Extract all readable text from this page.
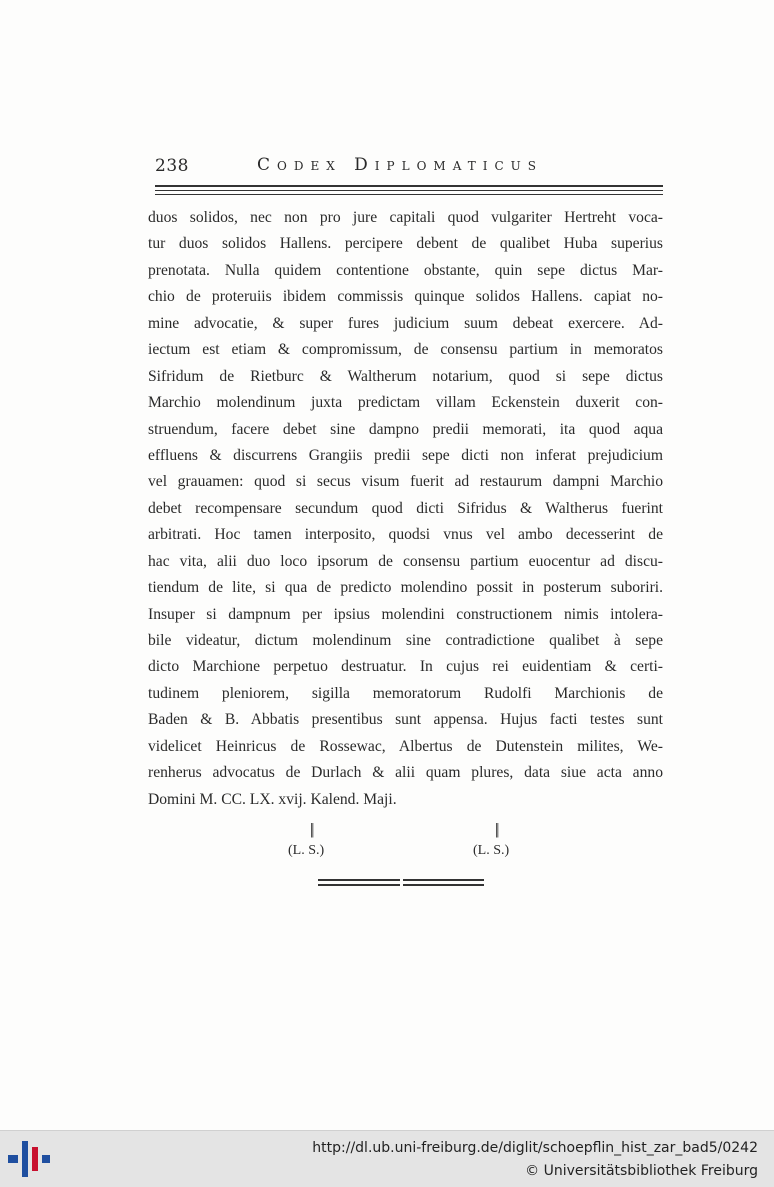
238	Codex Diplomaticus
duos solidos, nec non pro jure capitali quod vulgariter Hertreht voca-
tur duos solidos Hallens. percipere debent de qualibet Huba superius
prenotata. Nulla quidem contentione obstante, quin sepe dictus Mar-
chio de proteruiis ibidem commissis quinque solidos Hallens. capiat no-
mine advocatie, & super fures judicium suum debeat exercere. Ad-
iectum est etiam & compromissum, de consensu partium in memoratos
Sifridum de Rietburc & Waltherum notarium, quod si sepe dictus
Marchio molendinum juxta predictam villam Eckenstein duxerit con-
struendum, facere debet sine dampno predii memorati, ita quod aqua
effluens & discurrens Grangiis predii sepe dicti non inferat prejudicium
vel grauamen: quod si secus visum fuerit ad restaurum dampni Marchio
debet recompensare secundum quod dicti Sifridus & Waltherus fuerint
arbitrati. Hoc tamen interposito, quodsi vnus vel ambo decesserint de
hac vita, alii duo loco ipsorum de consensu partium euocentur ad discu-
tiendum de lite, si qua de predicto molendino possit in posterum suboriri.
Insuper si dampnum per ipsius molendini constructionem nimis intolera-
bile videatur, dictum molendinum sine contradictione qualibet à sepe
dicto Marchione perpetuo destruatur. In cujus rei euidentiam & certi-
tudinem pleniorem, sigilla memoratorum Rudolfi Marchionis de
Baden & B. Abbatis presentibus sunt appensa. Hujus facti testes sunt
videlicet Heinricus de Rossewac, Albertus de Dutenstein milites, We-
renherus advocatus de Durlach & alii quam plures, data siue acta anno
Domini M. CC. LX. xvij. Kalend. Maji.
||
(L. S.)
||
(L. S.)
http://dl.ub.uni-freiburg.de/diglit/schoepflin_hist_zar_bad5/0242
© Universitätsbibliothek Freiburg
